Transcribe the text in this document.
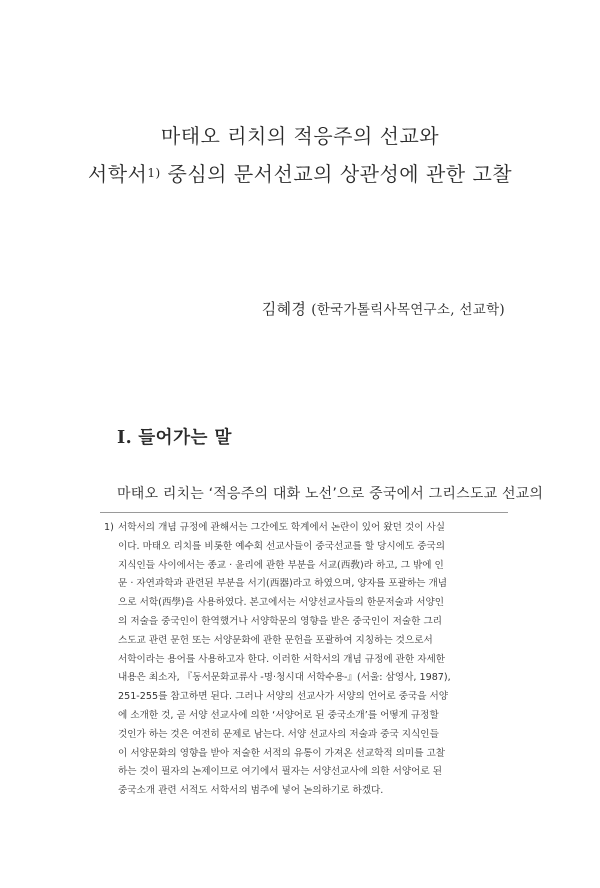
마태오 리치의 적응주의 선교와
서학서$^{1)}$ 중심의 문서선교의 상관성에 관한 고찰
김혜경 (한국가톨릭사목연구소, 선교학)
I. 들어가는 말
마태오 리치는 ‘적응주의 대화 노선’으로 중국에서 그리스도교 선교의
1) 서학서의 개념 규정에 관해서는 그간에도 학계에서 논란이 있어 왔던 것이 사실
이다. 마태오 리치를 비롯한 예수회 선교사들이 중국선교를 할 당시에도 중국의
지식인들 사이에서는 종교 · 윤리에 관한 부분을 서교(西敎)라 하고, 그 밖에 인
문 · 자연과학과 관련된 부분을 서기(西器)라고 하였으며, 양자를 포괄하는 개념
으로 서학(西學)을 사용하였다. 본고에서는 서양선교사들의 한문저술과 서양인
의 저술을 중국인이 한역했거나 서양학문의 영향을 받은 중국인이 저술한 그리
스도교 관련 문헌 또는 서양문화에 관한 문헌을 포괄하여 지칭하는 것으로서
서학이라는 용어를 사용하고자 한다. 이러한 서학서의 개념 규정에 관한 자세한
내용은 최소자, 『동서문화교류사 -명·청시대 서학수용-』(서울: 삼영사, 1987),
251-255를 참고하면 된다. 그러나 서양의 선교사가 서양의 언어로 중국을 서양
에 소개한 것, 곧 서양 선교사에 의한 ‘서양어로 된 중국소개’를 어떻게 규정할
것인가 하는 것은 여전히 문제로 남는다. 서양 선교사의 저술과 중국 지식인들
이 서양문화의 영향을 받아 저술한 서적의 유통이 가져온 선교학적 의미를 고찰
하는 것이 필자의 논제이므로 여기에서 필자는 서양선교사에 의한 서양어로 된
중국소개 관련 서적도 서학서의 범주에 넣어 논의하기로 하겠다.
